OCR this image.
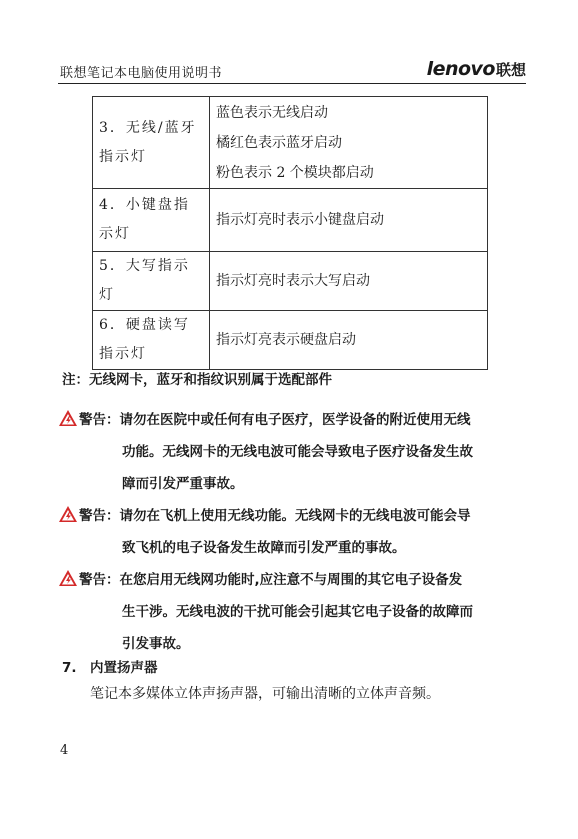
联想笔记本电脑使用说明书	lenovo 联想
3．无线/蓝牙指示灯	蓝色表示无线启动
橘红色表示蓝牙启动
粉色表示 2 个模块都启动

4．小键盘指示灯	指示灯亮时表示小键盘启动

5．大写指示灯	指示灯亮时表示大写启动

6．硬盘读写指示灯	指示灯亮表示硬盘启动
注：无线网卡，蓝牙和指纹识别属于选配部件
警告：请勿在医院中或任何有电子医疗，医学设备的附近使用无线
功能。无线网卡的无线电波可能会导致电子医疗设备发生故
障而引发严重事故。
警告：请勿在飞机上使用无线功能。无线网卡的无线电波可能会导
致飞机的电子设备发生故障而引发严重的事故。
警告：在您启用无线网功能时,应注意不与周围的其它电子设备发
生干涉。无线电波的干扰可能会引起其它电子设备的故障而
引发事故。
7. 内置扬声器
笔记本多媒体立体声扬声器，可输出清晰的立体声音频。
4
